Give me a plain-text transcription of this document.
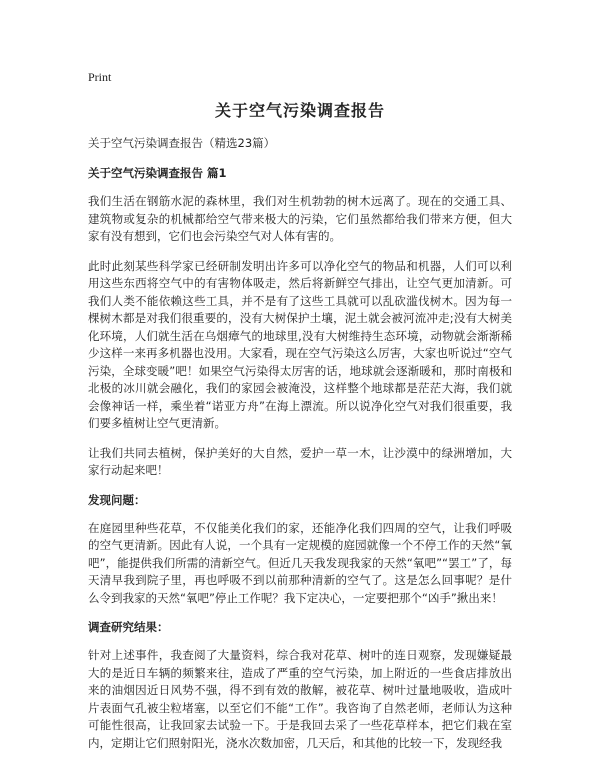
Print
关于空气污染调查报告
关于空气污染调查报告（精选23篇）
关于空气污染调查报告 篇1

我们生活在钢筋水泥的森林里，我们对生机勃勃的树木远离了。现在的交通工具、建筑物或复杂的机械都给空气带来极大的污染，它们虽然都给我们带来方便，但大家有没有想到，它们也会污染空气对人体有害的。

此时此刻某些科学家已经研制发明出许多可以净化空气的物品和机器，人们可以利用这些东西将空气中的有害物体吸走，然后将新鲜空气排出，让空气更加清新。可我们人类不能依赖这些工具，并不是有了这些工具就可以乱砍滥伐树木。因为每一棵树木都是对我们很重要的，没有大树保护土壤，泥土就会被河流冲走;没有大树美化环境，人们就生活在乌烟瘴气的地球里,没有大树维持生态环境，动物就会渐渐稀少这样一来再多机器也没用。大家看，现在空气污染这么厉害，大家也听说过“空气污染，全球变暖”吧！如果空气污染得太厉害的话，地球就会逐渐暖和，那时南极和北极的冰川就会融化，我们的家园会被淹没，这样整个地球都是茫茫大海，我们就会像神话一样，乘坐着“诺亚方舟”在海上漂流。所以说净化空气对我们很重要，我们要多植树让空气更清新。

让我们共同去植树，保护美好的大自然，爱护一草一木，让沙漠中的绿洲增加，大家行动起来吧！

发现问题：

在庭园里种些花草，不仅能美化我们的家，还能净化我们四周的空气，让我们呼吸的空气更清新。因此有人说，一个具有一定规模的庭园就像一个不停工作的天然“氧吧”，能提供我们所需的清新空气。但近几天我发现我家的天然“氧吧”“罢工”了，每天清早我到院子里，再也呼吸不到以前那种清新的空气了。这是怎么回事呢？是什么令到我家的天然“氧吧”停止工作呢？我下定决心，一定要把那个“凶手”揪出来！

调查研究结果：

针对上述事件，我查阅了大量资料，综合我对花草、树叶的连日观察，发现嫌疑最大的是近日车辆的频繁来往，造成了严重的空气污染，加上附近的一些食店排放出来的油烟因近日风势不强，得不到有效的散解，被花草、树叶过量地吸收，造成叶片表面气孔被尘粒堵塞，以至它们不能“工作”。我咨询了自然老师，老师认为这种可能性很高，让我回家去试验一下。于是我回去采了一些花草样本，把它们栽在室内，定期让它们照射阳光，浇水次数加密，几天后，和其他的比较一下，发现经我
